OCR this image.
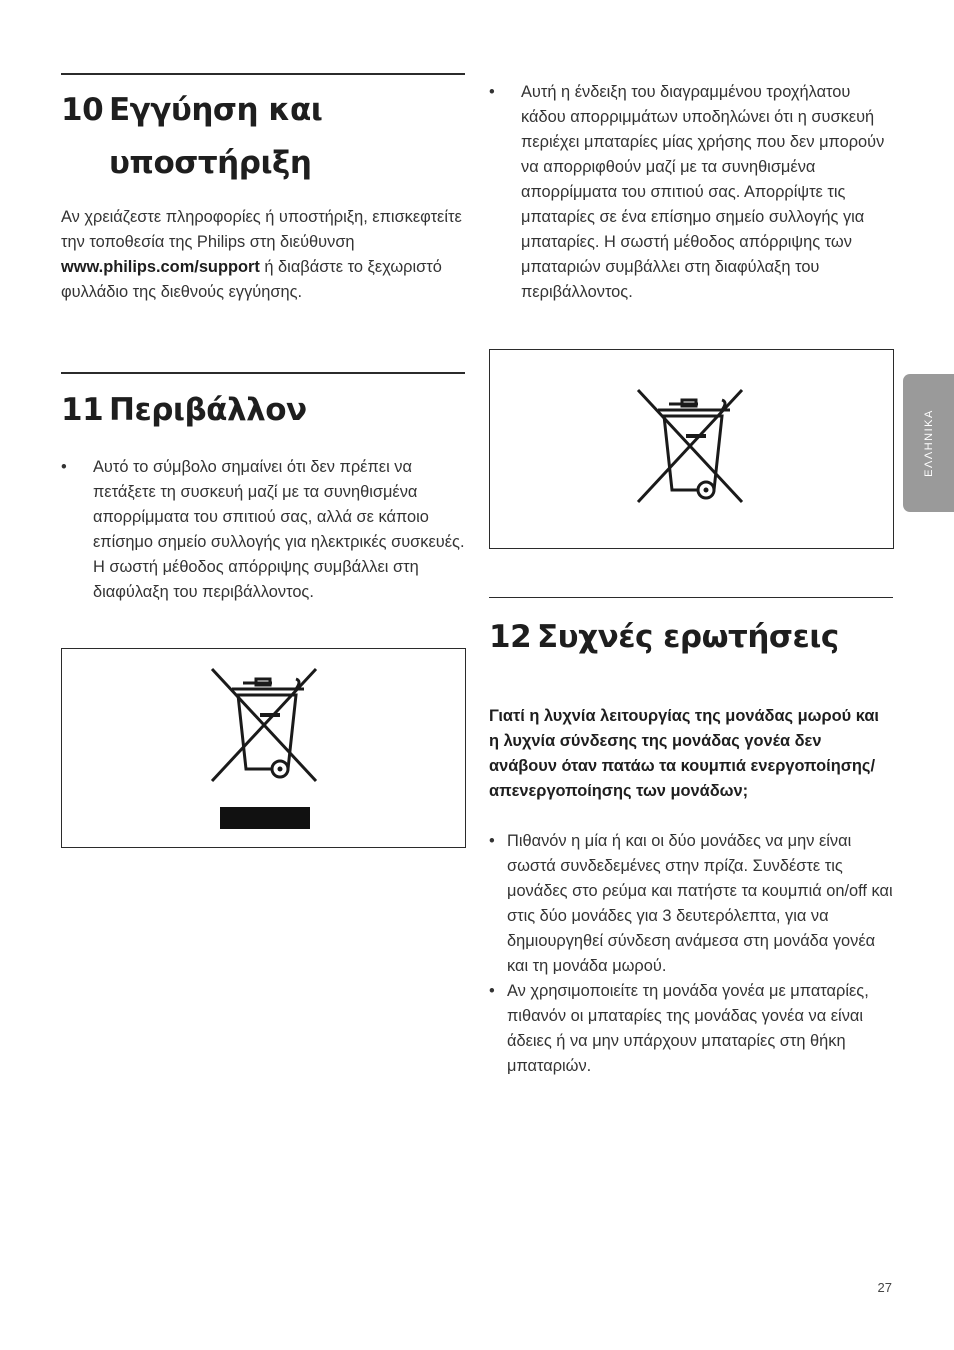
10 Εγγύηση και
υποστήριξη

Αν χρειάζεστε πληροφορίες ή υποστήριξη, επισκεφτείτε την τοποθεσία της Philips στη διεύθυνση www.philips.com/support ή διαβάστε το ξεχωριστό φυλλάδιο της διεθνούς εγγύησης.

11 Περιβάλλον
• Αυτό το σύμβολο σημαίνει ότι δεν πρέπει να πετάξετε τη συσκευή μαζί με τα συνηθισμένα απορρίμματα του σπιτιού σας, αλλά σε κάποιο επίσημο σημείο συλλογής για ηλεκτρικές συσκευές. Η σωστή μέθοδος απόρριψης συμβάλλει στη διαφύλαξη του περιβάλλοντος.
• Αυτή η ένδειξη του διαγραμμένου τροχήλατου κάδου απορριμμάτων υποδηλώνει ότι η συσκευή περιέχει μπαταρίες μίας χρήσης που δεν μπορούν να απορριφθούν μαζί με τα συνηθισμένα απορρίμματα του σπιτιού σας. Απορρίψτε τις μπαταρίες σε ένα επίσημο σημείο συλλογής για μπαταρίες. Η σωστή μέθοδος απόρριψης των μπαταριών συμβάλλει στη διαφύλαξη του περιβάλλοντος.
12 Συχνές ερωτήσεις

Γιατί η λυχνία λειτουργίας της μονάδας μωρού και η λυχνία σύνδεσης της μονάδας γονέα δεν ανάβουν όταν πατάω τα κουμπιά ενεργοποίησης/απενεργοποίησης των μονάδων;

• Πιθανόν η μία ή και οι δύο μονάδες να μην είναι σωστά συνδεδεμένες στην πρίζα. Συνδέστε τις μονάδες στο ρεύμα και πατήστε τα κουμπιά on/off και στις δύο μονάδες για 3 δευτερόλεπτα, για να δημιουργηθεί σύνδεση ανάμεσα στη μονάδα γονέα και τη μονάδα μωρού.
• Αν χρησιμοποιείτε τη μονάδα γονέα με μπαταρίες, πιθανόν οι μπαταρίες της μονάδας γονέα να είναι άδειες ή να μην υπάρχουν μπαταρίες στη θήκη μπαταριών.
ΕΛΛΗΝΙΚΑ
27
